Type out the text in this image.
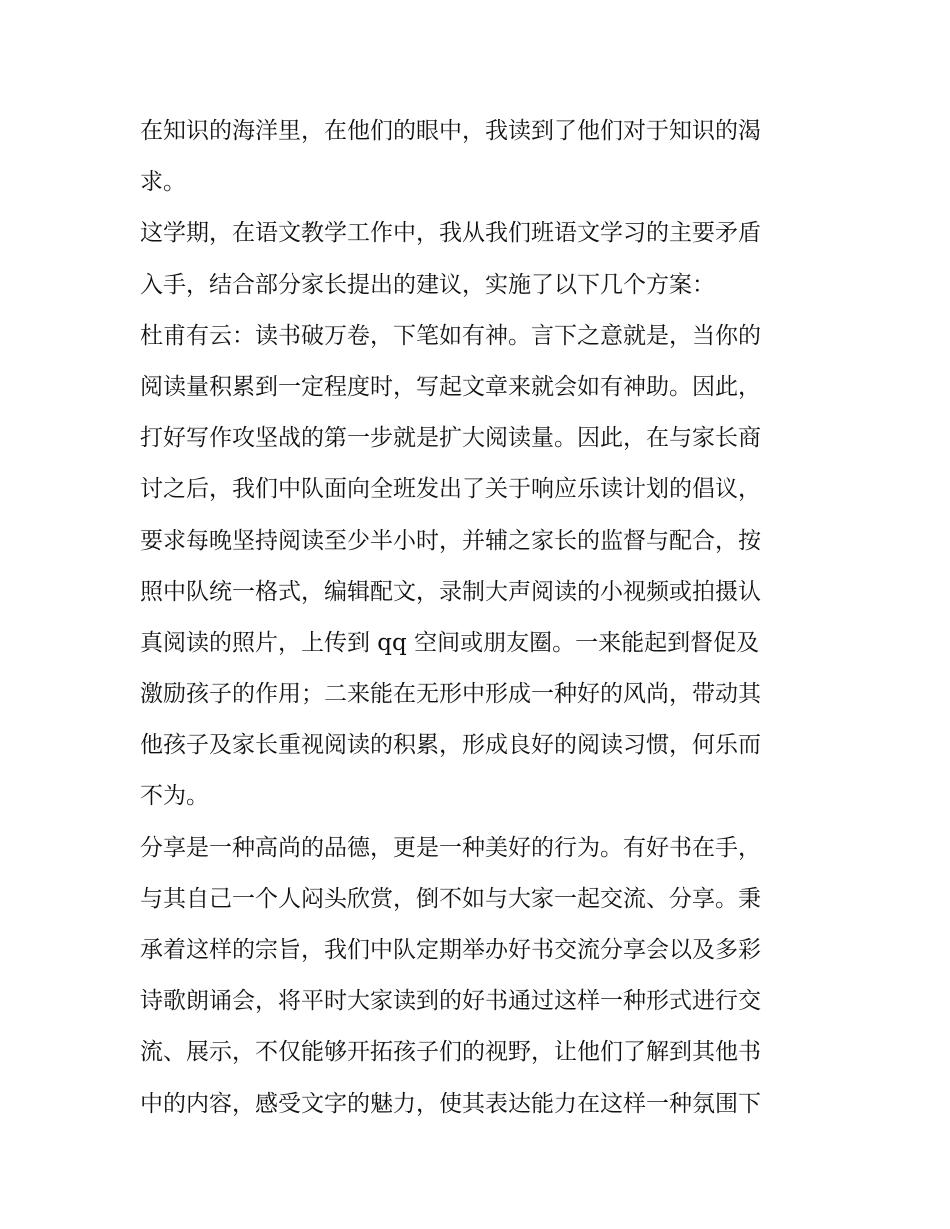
在知识的海洋里，在他们的眼中，我读到了他们对于知识的渴
求。
这学期，在语文教学工作中，我从我们班语文学习的主要矛盾
入手，结合部分家长提出的建议，实施了以下几个方案：
杜甫有云：读书破万卷，下笔如有神。言下之意就是，当你的
阅读量积累到一定程度时，写起文章来就会如有神助。因此，
打好写作攻坚战的第一步就是扩大阅读量。因此，在与家长商
讨之后，我们中队面向全班发出了关于响应乐读计划的倡议，
要求每晚坚持阅读至少半小时，并辅之家长的监督与配合，按
照中队统一格式，编辑配文，录制大声阅读的小视频或拍摄认
真阅读的照片，上传到 qq 空间或朋友圈。一来能起到督促及
激励孩子的作用；二来能在无形中形成一种好的风尚，带动其
他孩子及家长重视阅读的积累，形成良好的阅读习惯，何乐而
不为。
分享是一种高尚的品德，更是一种美好的行为。有好书在手，
与其自己一个人闷头欣赏，倒不如与大家一起交流、分享。秉
承着这样的宗旨，我们中队定期举办好书交流分享会以及多彩
诗歌朗诵会，将平时大家读到的好书通过这样一种形式进行交
流、展示，不仅能够开拓孩子们的视野，让他们了解到其他书
中的内容，感受文字的魅力，使其表达能力在这样一种氛围下
